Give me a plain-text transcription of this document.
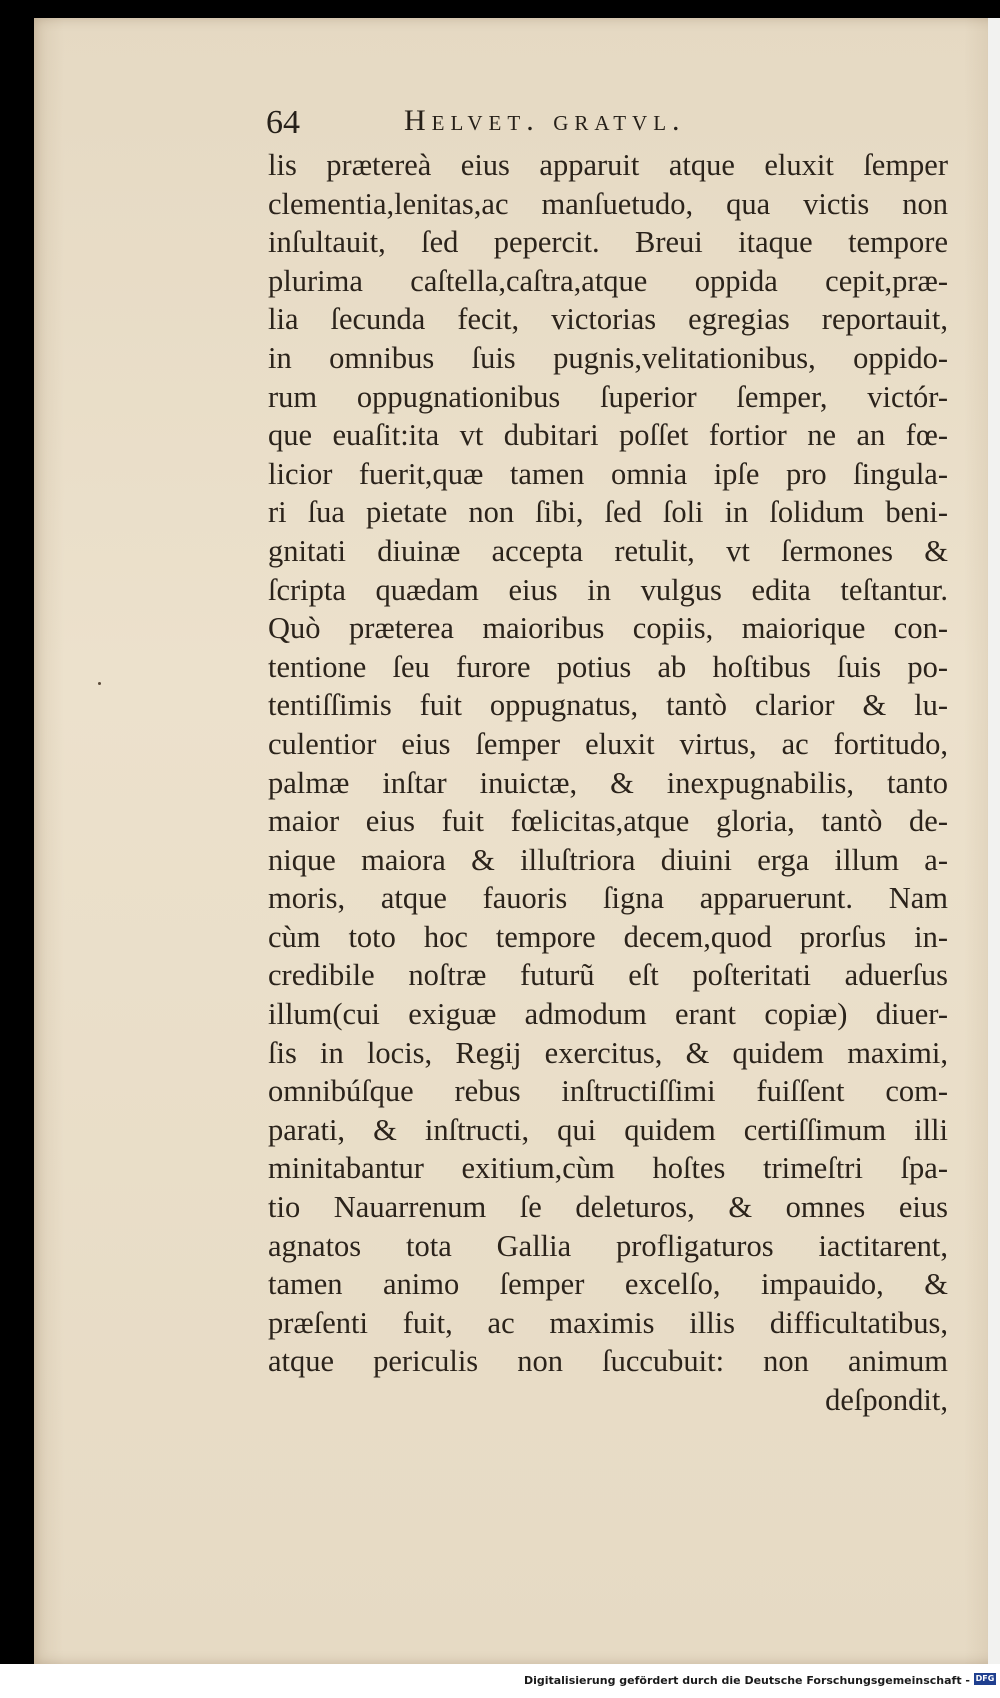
64	Helvet. gratvl.
lis prætereà eius apparuit atque eluxit ſemper
clementia,lenitas,ac manſuetudo, qua victis non
inſultauit, ſed pepercit. Breui itaque tempore
plurima caſtella,caſtra,atque oppida cepit,præ-
lia ſecunda fecit, victorias egregias reportauit,
in omnibus ſuis pugnis,velitationibus, oppido-
rum oppugnationibus ſuperior ſemper, victór-
que euaſit:ita vt dubitari poſſet fortior ne an fœ-
licior fuerit,quæ tamen omnia ipſe pro ſingula-
ri ſua pietate non ſibi, ſed ſoli in ſolidum beni-
gnitati diuinæ accepta retulit, vt ſermones &
ſcripta quædam eius in vulgus edita teſtantur.
Quò præterea maioribus copiis, maiorique con-
tentione ſeu furore potius ab hoſtibus ſuis po-
tentiſſimis fuit oppugnatus, tantò clarior & lu-
culentior eius ſemper eluxit virtus, ac fortitudo,
palmæ inſtar inuictæ, & inexpugnabilis, tanto
maior eius fuit fœlicitas,atque gloria, tantò de-
nique maiora & illuſtriora diuini erga illum a-
moris, atque fauoris ſigna apparuerunt. Nam
cùm toto hoc tempore decem,quod prorſus in-
credibile noſtræ futurũ eſt poſteritati aduerſus
illum(cui exiguæ admodum erant copiæ) diuer-
ſis in locis, Regij exercitus, & quidem maximi,
omnibúſque rebus inſtructiſſimi fuiſſent com-
parati, & inſtructi, qui quidem certiſſimum illi
minitabantur exitium,cùm hoſtes trimeſtri ſpa-
tio Nauarrenum ſe deleturos, & omnes eius
agnatos tota Gallia profligaturos iactitarent,
tamen animo ſemper excelſo, impauido, &
præſenti fuit, ac maximis illis difficultatibus,
atque periculis non ſuccubuit: non animum
deſpondit,
Digitalisierung gefördert durch die Deutsche Forschungsgemeinschaft - DFG
